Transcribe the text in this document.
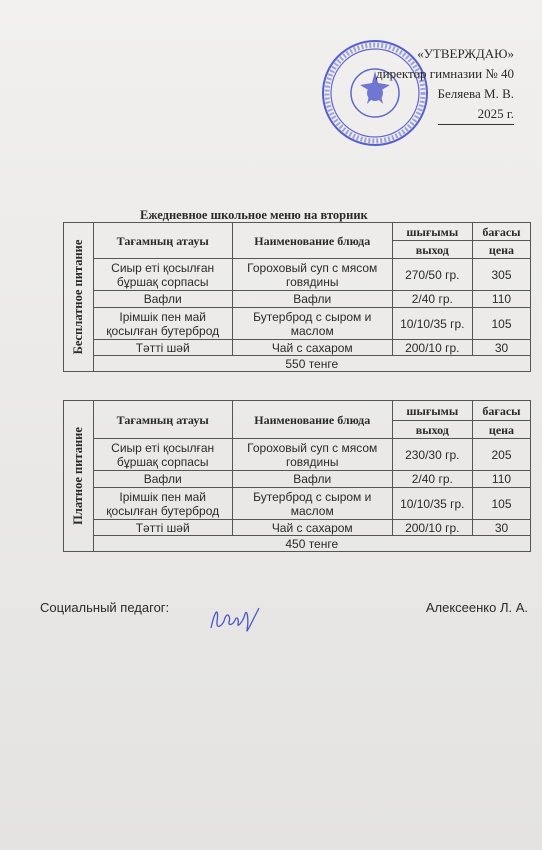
«УТВЕРЖДАЮ»
директор гимназии № 40
Беляева М. В.
2025 г.
Ежедневное школьное меню на вторник
Бесплатное питание	Тағамның атауы	Наименование блюда	шығымы	бағасы
			выход	цена
	Сиыр еті қосылған бұршақ сорпасы	Гороховый суп с мясом говядины	270/50 гр.	305
	Вафли	Вафли	2/40 гр.	110
	Ірімшік пен май қосылған бутерброд	Бутерброд с сыром и маслом	10/10/35 гр.	105
	Тәтті шәй	Чай с сахаром	200/10 гр.	30
	550 тенге			
Платное питание	Тағамның атауы	Наименование блюда	шығымы	бағасы
			выход	цена
	Сиыр еті қосылған бұршақ сорпасы	Гороховый суп с мясом говядины	230/30 гр.	205
	Вафли	Вафли	2/40 гр.	110
	Ірімшік пен май қосылған бутерброд	Бутерброд с сыром и маслом	10/10/35 гр.	105
	Тәтті шәй	Чай с сахаром	200/10 гр.	30
	450 тенге			
Социальный педагог:	Алексеенко Л. А.
